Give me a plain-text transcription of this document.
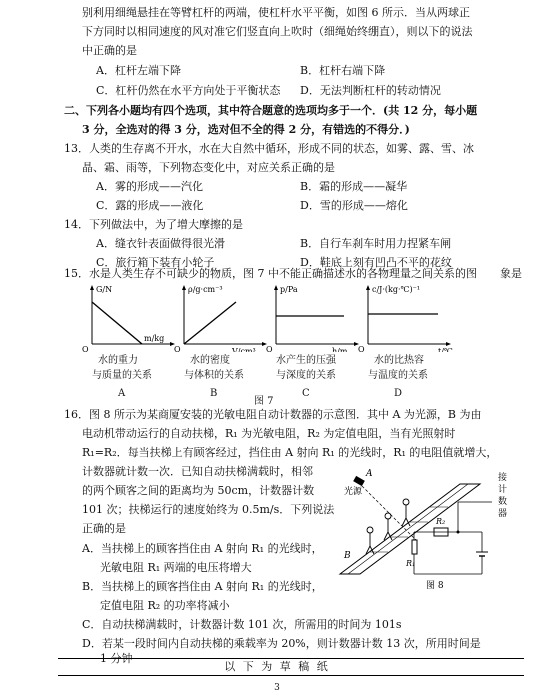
别利用细绳悬挂在等臂杠杆的两端，使杠杆水平平衡，如图 6 所示．当从两球正
下方同时以相同速度的风对准它们竖直向上吹时（细绳始终绷直），则以下的说法
中正确的是
A．杠杆左端下降	B．杠杆右端下降
C．杠杆仍然在水平方向处于平衡状态 D．无法判断杠杆的转动情况
二、下列各小题均有四个选项，其中符合题意的选项均多于一个．(共 12 分，每小题
3 分，全选对的得 3 分，选对但不全的得 2 分，有错选的不得分．)
13．人类的生存离不开水，水在大自然中循环，形成不同的状态，如雾、露、雪、冰
晶、霜、雨等，下列物态变化中，对应关系正确的是
A．雾的形成——汽化	B．霜的形成——凝华
C．露的形成——液化	D．雪的形成——熔化
14．下列做法中，为了增大摩擦的是
A．缝衣针表面做得很光滑	B．自行车刹车时用力捏紧车闸
C．旅行箱下装有小轮子	D．鞋底上刻有凹凸不平的花纹
15．水是人类生存不可缺少的物质，图 7 中不能正确描述水的各物理量之间关系的图
G/N
O
m/kg
ρ/g·cm⁻³
O	V/cm³
p/Pa
O	h/m
c/J·(kg·℃)⁻¹
O	t/℃
象是
水的重力
与质量的关系
A
水的密度
与体积的关系
B
水产生的压强
与深度的关系
C
水的比热容
与温度的关系
D
图 7
16．图 8 所示为某商厦安装的光敏电阻自动计数器的示意图．其中 A 为光源，B 为由
电动机带动运行的自动扶梯，R₁ 为光敏电阻，R₂ 为定值电阻，当有光照射时
R₁=R₂．每当扶梯上有顾客经过，挡住由 A 射向 R₁ 的光线时，R₁ 的电阻值就增大，
计数器就计数一次．已知自动扶梯满载时，相邻
的两个顾客之间的距离均为 50cm，计数器计数
101 次；扶梯运行的速度始终为 0.5m/s．下列说法
正确的是
A．当扶梯上的顾客挡住由 A 射向 R₁ 的光线时，
光敏电阻 R₁ 两端的电压将增大
B．当扶梯上的顾客挡住由 A 射向 R₁ 的光线时，
定值电阻 R₂ 的功率将减小
C．自动扶梯满载时，计数器计数 101 次，所需用的时间为 101s
D．若某一段时间内自动扶梯的乘载率为 20%，则计数器计数 13 次，所用时间是
1 分钟
光源
A
B
R₁
R₂
接
计
数
器
图 8
以 下 为 草 稿 纸
3
